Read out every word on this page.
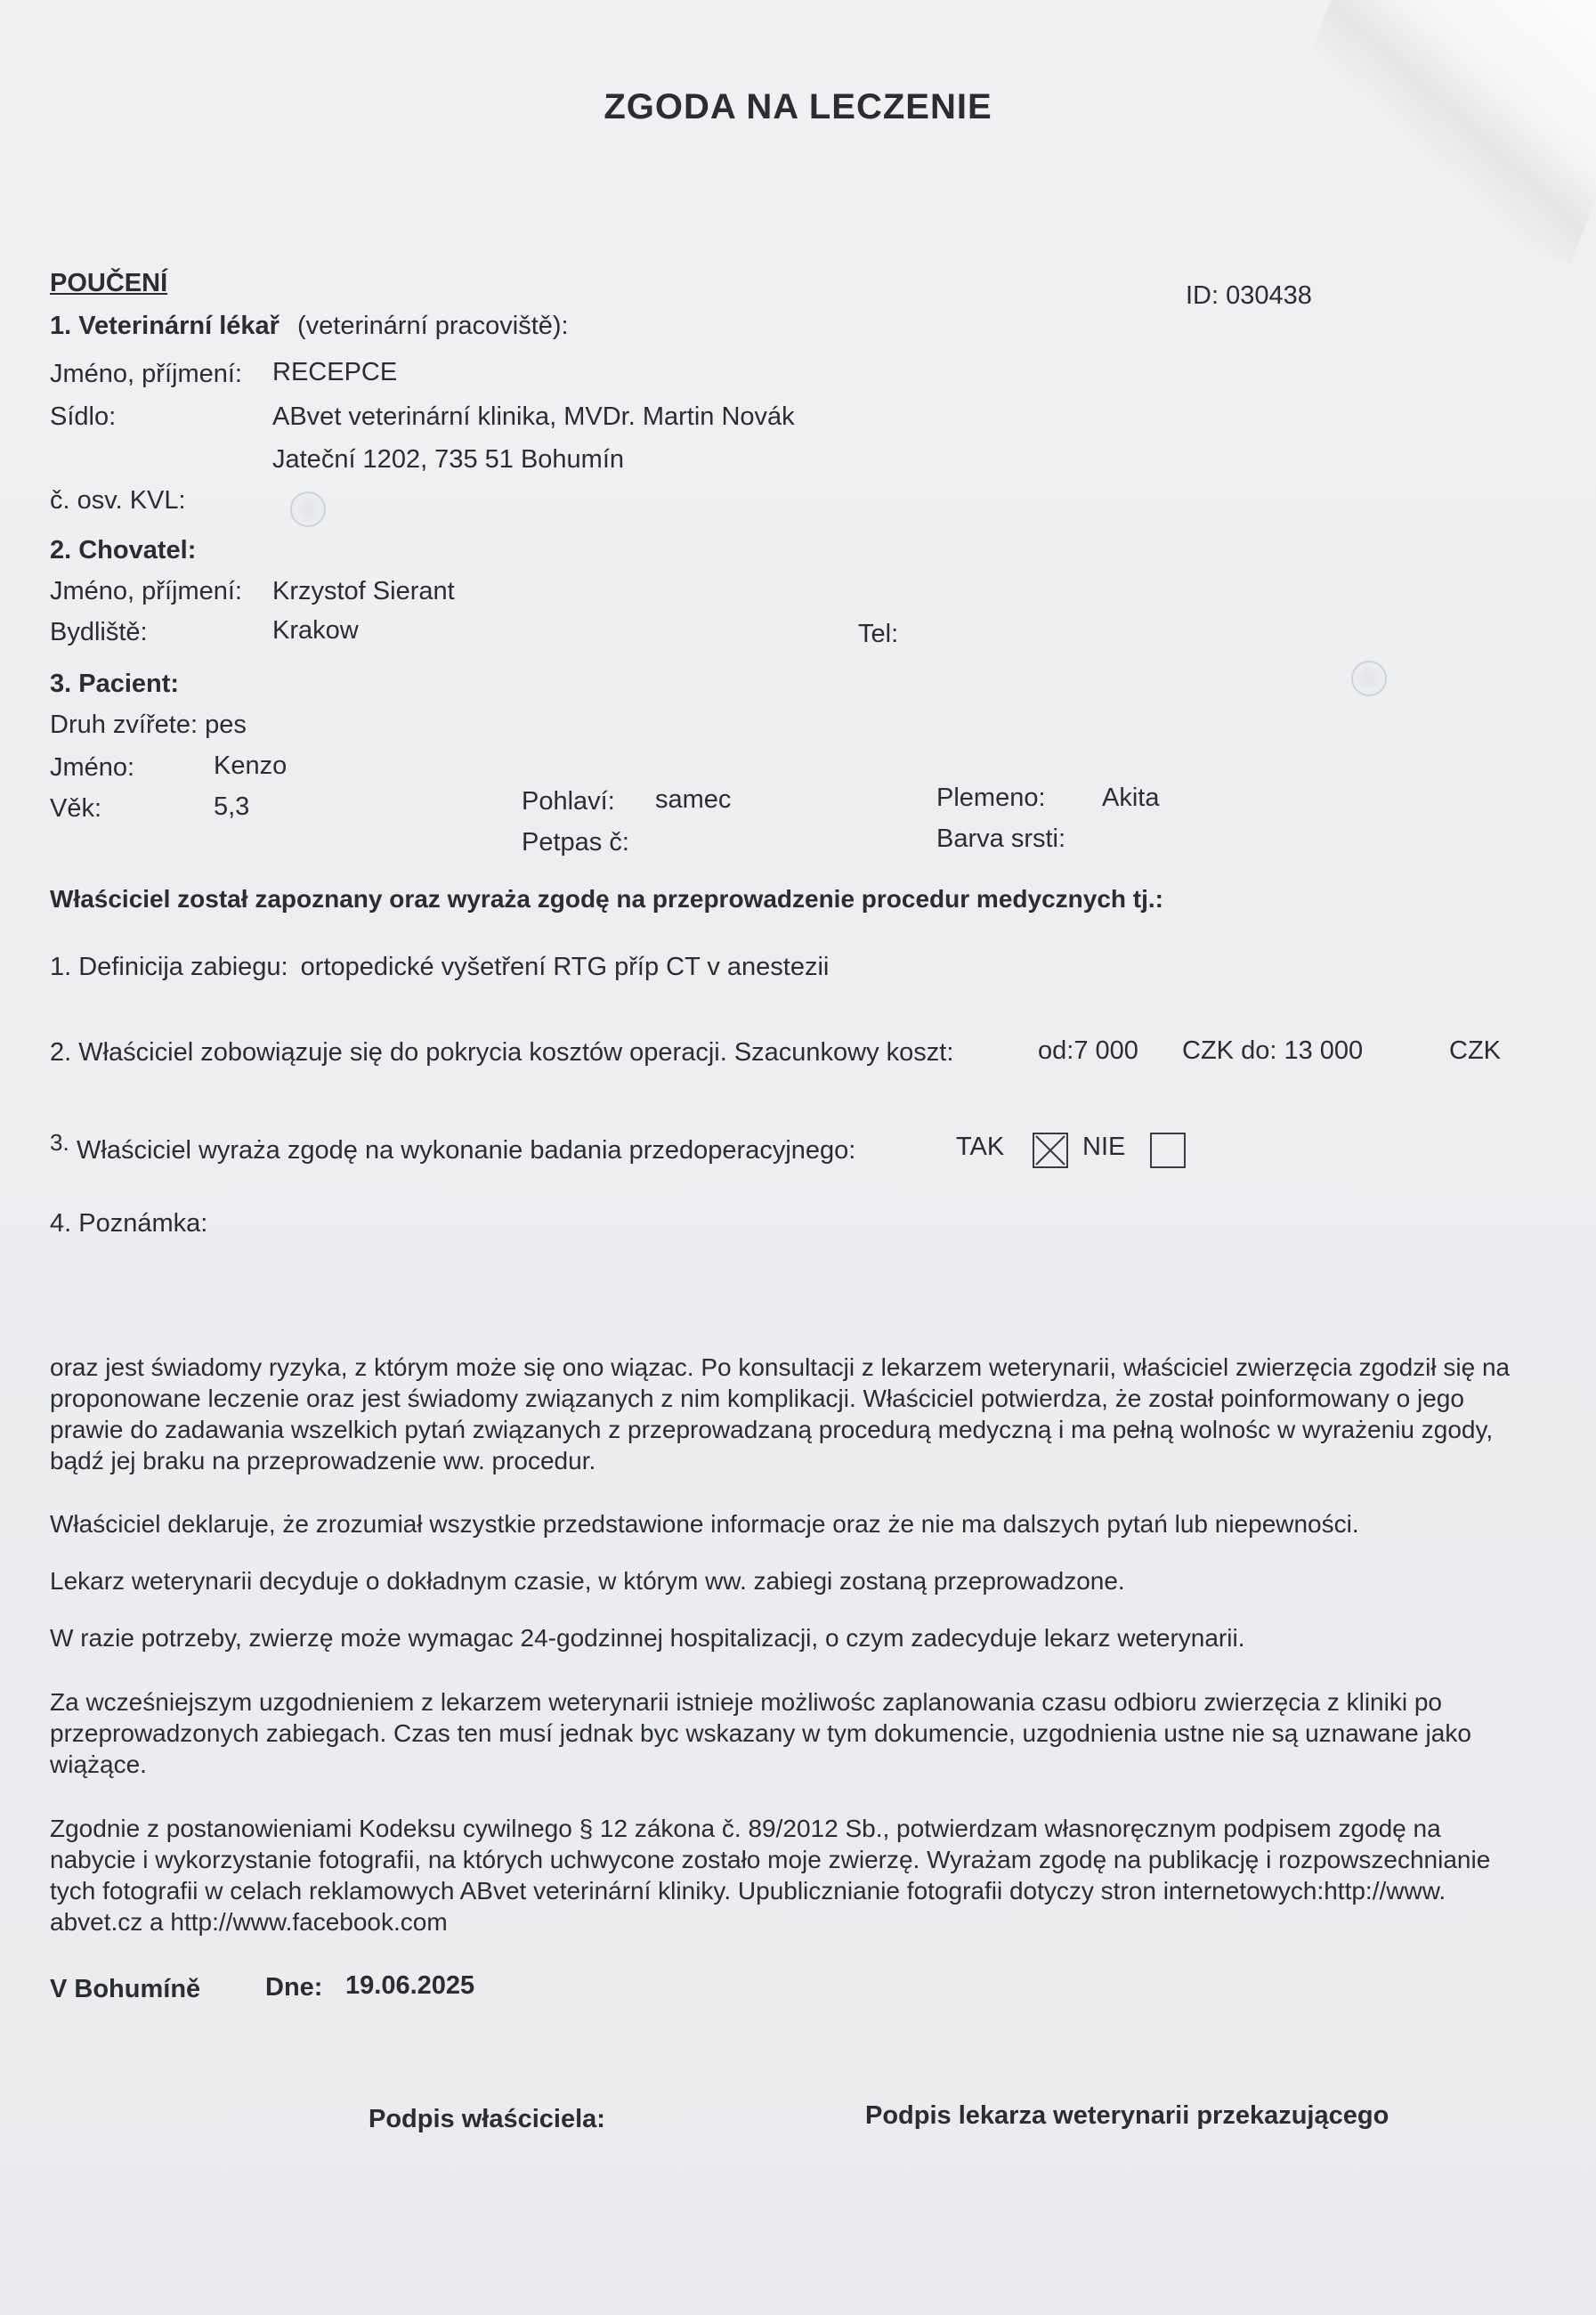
ZGODA NA LECZENIE
POUČENÍ	ID: 030438
1. Veterinární lékař (veterinární pracoviště):
Jméno, příjmení: RECEPCE
Sídlo:	ABvet veterinární klinika, MVDr. Martin Novák
Jateční 1202, 735 51 Bohumín
č. osv. KVL:
2. Chovatel:
Jméno, příjmení: Krzystof Sierant
Bydliště:	Krakow	Tel:
3. Pacient:
Druh zvířete: pes
Jméno:	Kenzo
Věk:	5,3	Pohlaví: samec	Plemeno: Akita
Petpas č:	Barva srsti:
Właściciel został zapoznany oraz wyraża zgodę na przeprowadzenie procedur medycznych tj.:
1. Definicija zabiegu: ortopedické vyšetření RTG příp CT v anestezii
2. Właściciel zobowiązuje się do pokrycia kosztów operacji. Szacunkowy koszt:	od:7 000 CZK do: 13 000	CZK
3. Właściciel wyraża zgodę na wykonanie badania przedoperacyjnego:	TAK	NIE
4. Poznámka:
oraz jest świadomy ryzyka, z którym może się ono wiązac. Po konsultacji z lekarzem weterynarii, właściciel zwierzęcia zgodził się na proponowane leczenie oraz jest świadomy związanych z nim komplikacji. Właściciel potwierdza, że został poinformowany o jego prawie do zadawania wszelkich pytań związanych z przeprowadzaną procedurą medyczną i ma pełną wolnośc w wyrażeniu zgody, bądź jej braku na przeprowadzenie ww. procedur.
Właściciel deklaruje, że zrozumiał wszystkie przedstawione informacje oraz że nie ma dalszych pytań lub niepewności.
Lekarz weterynarii decyduje o dokładnym czasie, w którym ww. zabiegi zostaną przeprowadzone.
W razie potrzeby, zwierzę może wymagac 24-godzinnej hospitalizacji, o czym zadecyduje lekarz weterynarii.
Za wcześniejszym uzgodnieniem z lekarzem weterynarii istnieje możliwośc zaplanowania czasu odbioru zwierzęcia z kliniki po przeprowadzonych zabiegach. Czas ten musí jednak byc wskazany w tym dokumencie, uzgodnienia ustne nie są uznawane jako wiążące.
Zgodnie z postanowieniami Kodeksu cywilnego § 12 zákona č. 89/2012 Sb., potwierdzam własnoręcznym podpisem zgodę na nabycie i wykorzystanie fotografii, na których uchwycone zostało moje zwierzę. Wyrażam zgodę na publikację i rozpowszechnianie tych fotografii w celach reklamowych ABvet veterinární kliniky. Upublicznianie fotografii dotyczy stron internetowych:http://www. abvet.cz a http://www.facebook.com
V Bohumíně	Dne: 19.06.2025
Podpis właściciela:	Podpis lekarza weterynarii przekazującego
